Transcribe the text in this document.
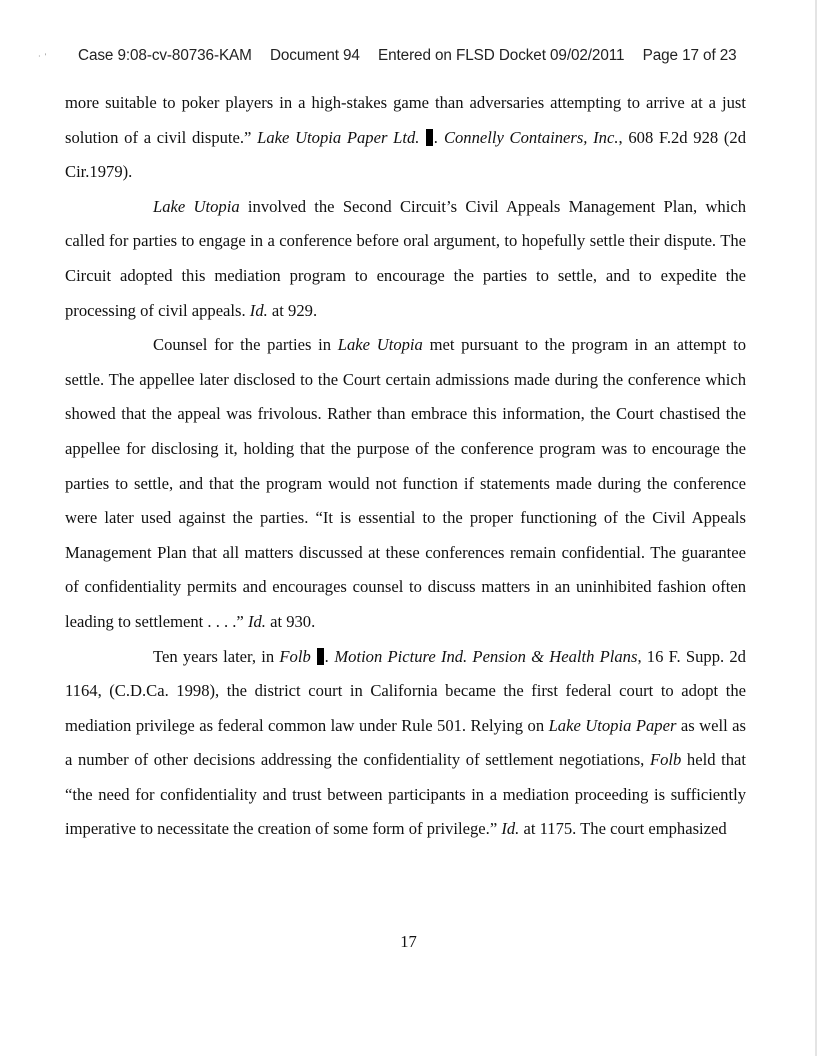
·  ' Case 9:08-cv-80736-KAM Document 94 Entered on FLSD Docket 09/02/2011 Page 17 of 23

more suitable to poker players in a high-stakes game than adversaries attempting to arrive at a just solution of a civil dispute.” Lake Utopia Paper Ltd. . Connelly Containers, Inc., 608 F.2d 928 (2d Cir.1979).

Lake Utopia involved the Second Circuit’s Civil Appeals Management Plan, which called for parties to engage in a conference before oral argument, to hopefully settle their dispute. The Circuit adopted this mediation program to encourage the parties to settle, and to expedite the processing of civil appeals. Id. at 929.

Counsel for the parties in Lake Utopia met pursuant to the program in an attempt to settle. The appellee later disclosed to the Court certain admissions made during the conference which showed that the appeal was frivolous. Rather than embrace this information, the Court chastised the appellee for disclosing it, holding that the purpose of the conference program was to encourage the parties to settle, and that the program would not function if statements made during the conference were later used against the parties. “It is essential to the proper functioning of the Civil Appeals Management Plan that all matters discussed at these conferences remain confidential. The guarantee of confidentiality permits and encourages counsel to discuss matters in an uninhibited fashion often leading to settlement . . . .” Id. at 930.

Ten years later, in Folb . Motion Picture Ind. Pension & Health Plans, 16 F. Supp. 2d 1164, (C.D.Ca. 1998), the district court in California became the first federal court to adopt the mediation privilege as federal common law under Rule 501. Relying on Lake Utopia Paper as well as a number of other decisions addressing the confidentiality of settlement negotiations, Folb held that “the need for confidentiality and trust between participants in a mediation proceeding is sufficiently imperative to necessitate the creation of some form of privilege.” Id. at 1175. The court emphasized

17
